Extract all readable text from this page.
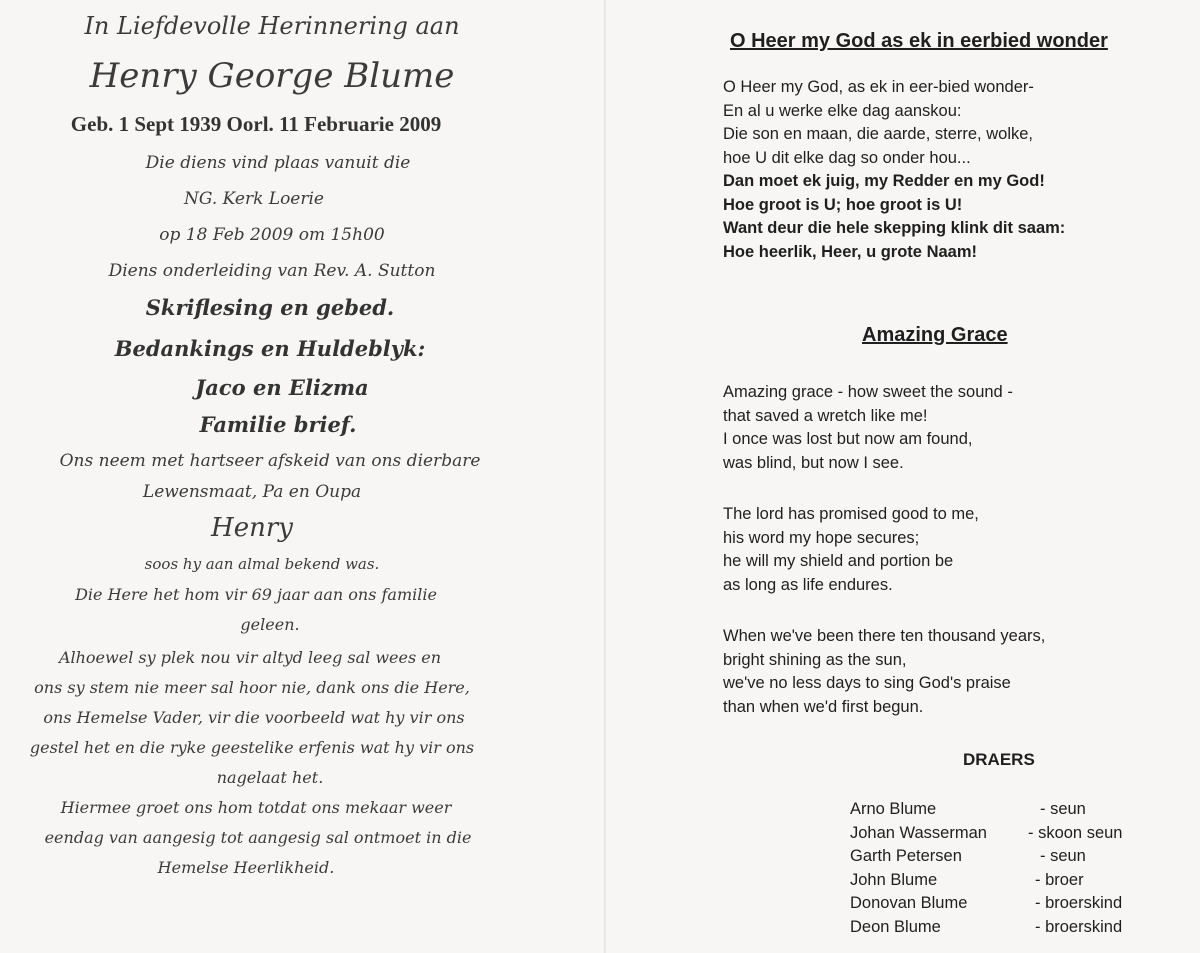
In Liefdevolle Herinnering aan
Henry George Blume
Geb. 1 Sept 1939 Oorl. 11 Februarie 2009
Die diens vind plaas vanuit die
NG. Kerk Loerie
op 18 Feb 2009 om 15h00
Diens onderleiding van Rev. A. Sutton
Skriflesing en gebed.
Bedankings en Huldeblyk:
Jaco en Elizma
Familie brief.
Ons neem met hartseer afskeid van ons dierbare
Lewensmaat, Pa en Oupa
Henry
soos hy aan almal bekend was.
Die Here het hom vir 69 jaar aan ons familie
geleen.
Alhoewel sy plek nou vir altyd leeg sal wees en
ons sy stem nie meer sal hoor nie, dank ons die Here,
ons Hemelse Vader, vir die voorbeeld wat hy vir ons
gestel het en die ryke geestelike erfenis wat hy vir ons
nagelaat het.
Hiermee groet ons hom totdat ons mekaar weer
eendag van aangesig tot aangesig sal ontmoet in die
Hemelse Heerlikheid.
O Heer my God as ek in eerbied wonder
O Heer my God, as ek in eer-bied wonder-
En al u werke elke dag aanskou:
Die son en maan, die aarde, sterre, wolke,
hoe U dit elke dag so onder hou...
Dan moet ek juig, my Redder en my God!
Hoe groot is U; hoe groot is U!
Want deur die hele skepping klink dit saam:
Hoe heerlik, Heer, u grote Naam!
Amazing Grace
Amazing grace - how sweet the sound -
that saved a wretch like me!
I once was lost but now am found,
was blind, but now I see.
The lord has promised good to me,
his word my hope secures;
he will my shield and portion be
as long as life endures.
When we've been there ten thousand years,
bright shining as the sun,
we've no less days to sing God's praise
than when we'd first begun.
DRAERS
Arno Blume	- seun
Johan Wasserman - skoon seun
Garth Petersen	- seun
John Blume	- broer
Donovan Blume	- broerskind
Deon Blume	- broerskind
